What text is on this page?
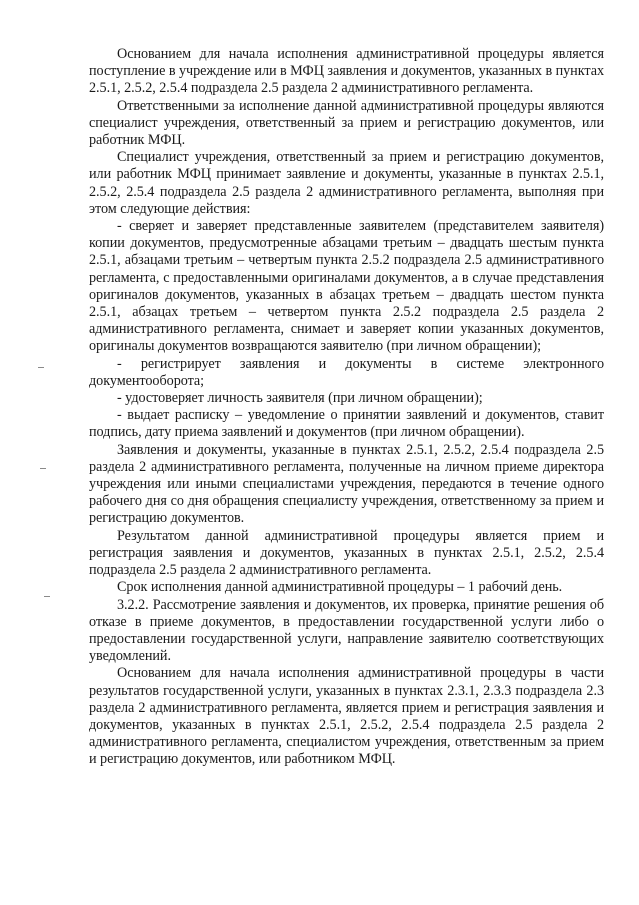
Основанием для начала исполнения административной процедуры является поступление в учреждение или в МФЦ заявления и документов, указанных в пунктах 2.5.1, 2.5.2, 2.5.4 подраздела 2.5 раздела 2 административного регламента.

Ответственными за исполнение данной административной процедуры являются специалист учреждения, ответственный за прием и регистрацию документов, или работник МФЦ.

Специалист учреждения, ответственный за прием и регистрацию документов, или работник МФЦ принимает заявление и документы, указанные в пунктах 2.5.1, 2.5.2, 2.5.4 подраздела 2.5 раздела 2 административного регламента, выполняя при этом следующие действия:

- сверяет и заверяет представленные заявителем (представителем заявителя) копии документов, предусмотренные абзацами третьим – двадцать шестым пункта 2.5.1, абзацами третьим – четвертым пункта 2.5.2 подраздела 2.5 административного регламента, с предоставленными оригиналами документов, а в случае представления оригиналов документов, указанных в абзацах третьем – двадцать шестом пункта 2.5.1, абзацах третьем – четвертом пункта 2.5.2 подраздела 2.5 раздела 2 административного регламента, снимает и заверяет копии указанных документов, оригиналы документов возвращаются заявителю (при личном обращении);

- регистрирует заявления и документы в системе электронного документооборота;

- удостоверяет личность заявителя (при личном обращении);

- выдает расписку – уведомление о принятии заявлений и документов, ставит подпись, дату приема заявлений и документов (при личном обращении).

Заявления и документы, указанные в пунктах 2.5.1, 2.5.2, 2.5.4 подраздела 2.5 раздела 2 административного регламента, полученные на личном приеме директора учреждения или иными специалистами учреждения, передаются в течение одного рабочего дня со дня обращения специалисту учреждения, ответственному за прием и регистрацию документов.

Результатом данной административной процедуры является прием и регистрация заявления и документов, указанных в пунктах 2.5.1, 2.5.2, 2.5.4 подраздела 2.5 раздела 2 административного регламента.

Срок исполнения данной административной процедуры – 1 рабочий день.

3.2.2. Рассмотрение заявления и документов, их проверка, принятие решения об отказе в приеме документов, в предоставлении государственной услуги либо о предоставлении государственной услуги, направление заявителю соответствующих уведомлений.

Основанием для начала исполнения административной процедуры в части результатов государственной услуги, указанных в пунктах 2.3.1, 2.3.3 подраздела 2.3 раздела 2 административного регламента, является прием и регистрация заявления и документов, указанных в пунктах 2.5.1, 2.5.2, 2.5.4 подраздела 2.5 раздела 2 административного регламента, специалистом учреждения, ответственным за прием и регистрацию документов, или работником МФЦ.
